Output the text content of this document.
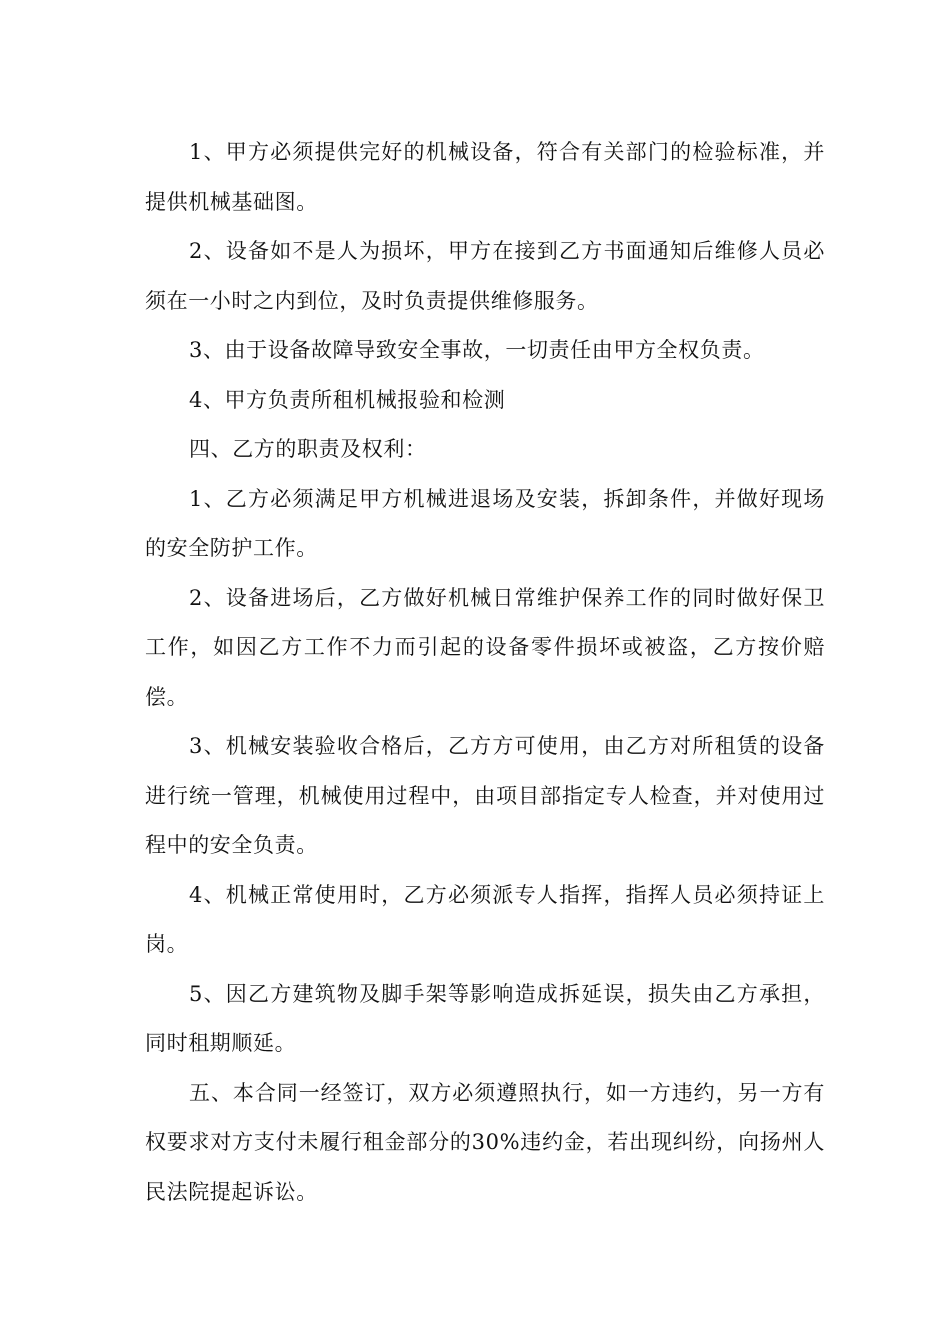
1、甲方必须提供完好的机械设备，符合有关部门的检验标准，并提供机械基础图。

2、设备如不是人为损坏，甲方在接到乙方书面通知后维修人员必须在一小时之内到位，及时负责提供维修服务。

3、由于设备故障导致安全事故，一切责任由甲方全权负责。

4、甲方负责所租机械报验和检测

四、乙方的职责及权利：

1、乙方必须满足甲方机械进退场及安装，拆卸条件，并做好现场的安全防护工作。

2、设备进场后，乙方做好机械日常维护保养工作的同时做好保卫工作，如因乙方工作不力而引起的设备零件损坏或被盗，乙方按价赔偿。

3、机械安装验收合格后，乙方方可使用，由乙方对所租赁的设备进行统一管理，机械使用过程中，由项目部指定专人检查，并对使用过程中的安全负责。

4、机械正常使用时，乙方必须派专人指挥，指挥人员必须持证上岗。

5、因乙方建筑物及脚手架等影响造成拆延误，损失由乙方承担，同时租期顺延。

五、本合同一经签订，双方必须遵照执行，如一方违约，另一方有权要求对方支付未履行租金部分的30%违约金，若出现纠纷，向扬州人民法院提起诉讼。
